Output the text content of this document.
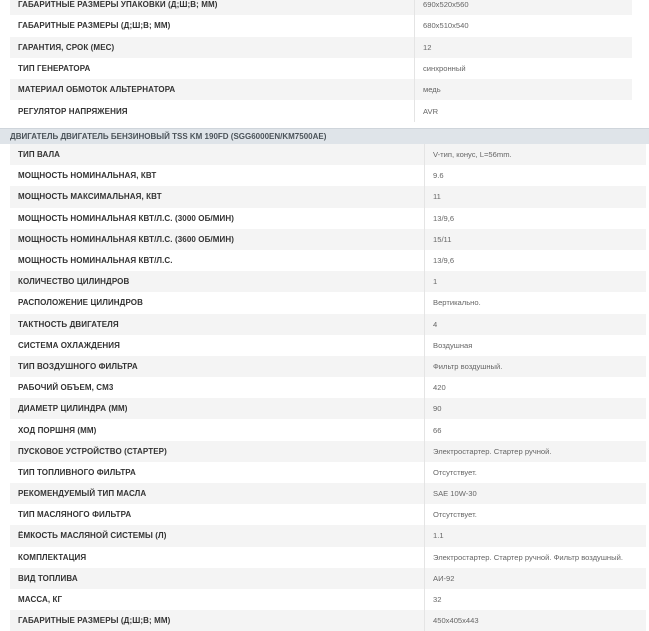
ГАБАРИТНЫЕ РАЗМЕРЫ УПАКОВКИ (Д;Ш;В; ММ)	690x520x560
ГАБАРИТНЫЕ РАЗМЕРЫ (Д;Ш;В; ММ)	680x510x540
ГАРАНТИЯ, СРОК (МЕС)	12
ТИП ГЕНЕРАТОРА	синхронный
МАТЕРИАЛ ОБМОТОК АЛЬТЕРНАТОРА	медь
РЕГУЛЯТОР НАПРЯЖЕНИЯ	AVR
ДВИГАТЕЛЬ ДВИГАТЕЛЬ БЕНЗИНОВЫЙ TSS KM 190FD (SGG6000EN/KM7500AE)
ТИП ВАЛА	V-тип, конус, L=56mm.
МОЩНОСТЬ НОМИНАЛЬНАЯ, КВТ	9.6
МОЩНОСТЬ МАКСИМАЛЬНАЯ, КВТ	11
МОЩНОСТЬ НОМИНАЛЬНАЯ КВТ/Л.С. (3000 ОБ/МИН)	13/9,6
МОЩНОСТЬ НОМИНАЛЬНАЯ КВТ/Л.С. (3600 ОБ/МИН)	15/11
МОЩНОСТЬ НОМИНАЛЬНАЯ КВТ/Л.С.	13/9,6
КОЛИЧЕСТВО ЦИЛИНДРОВ	1
РАСПОЛОЖЕНИЕ ЦИЛИНДРОВ	Вертикально.
ТАКТНОСТЬ ДВИГАТЕЛЯ	4
СИСТЕМА ОХЛАЖДЕНИЯ	Воздушная
ТИП ВОЗДУШНОГО ФИЛЬТРА	Фильтр воздушный.
РАБОЧИЙ ОБЪЕМ, СМ3	420
ДИАМЕТР ЦИЛИНДРА (ММ)	90
ХОД ПОРШНЯ (ММ)	66
ПУСКОВОЕ УСТРОЙСТВО (СТАРТЕР)	Электростартер. Стартер ручной.
ТИП ТОПЛИВНОГО ФИЛЬТРА	Отсутствует.
РЕКОМЕНДУЕМЫЙ ТИП МАСЛА	SAE 10W-30
ТИП МАСЛЯНОГО ФИЛЬТРА	Отсутствует.
ЁМКОСТЬ МАСЛЯНОЙ СИСТЕМЫ (Л)	1.1
КОМПЛЕКТАЦИЯ	Электростартер. Стартер ручной. Фильтр воздушный.
ВИД ТОПЛИВА	АИ-92
МАССА, КГ	32
ГАБАРИТНЫЕ РАЗМЕРЫ (Д;Ш;В; ММ)	450x405x443
